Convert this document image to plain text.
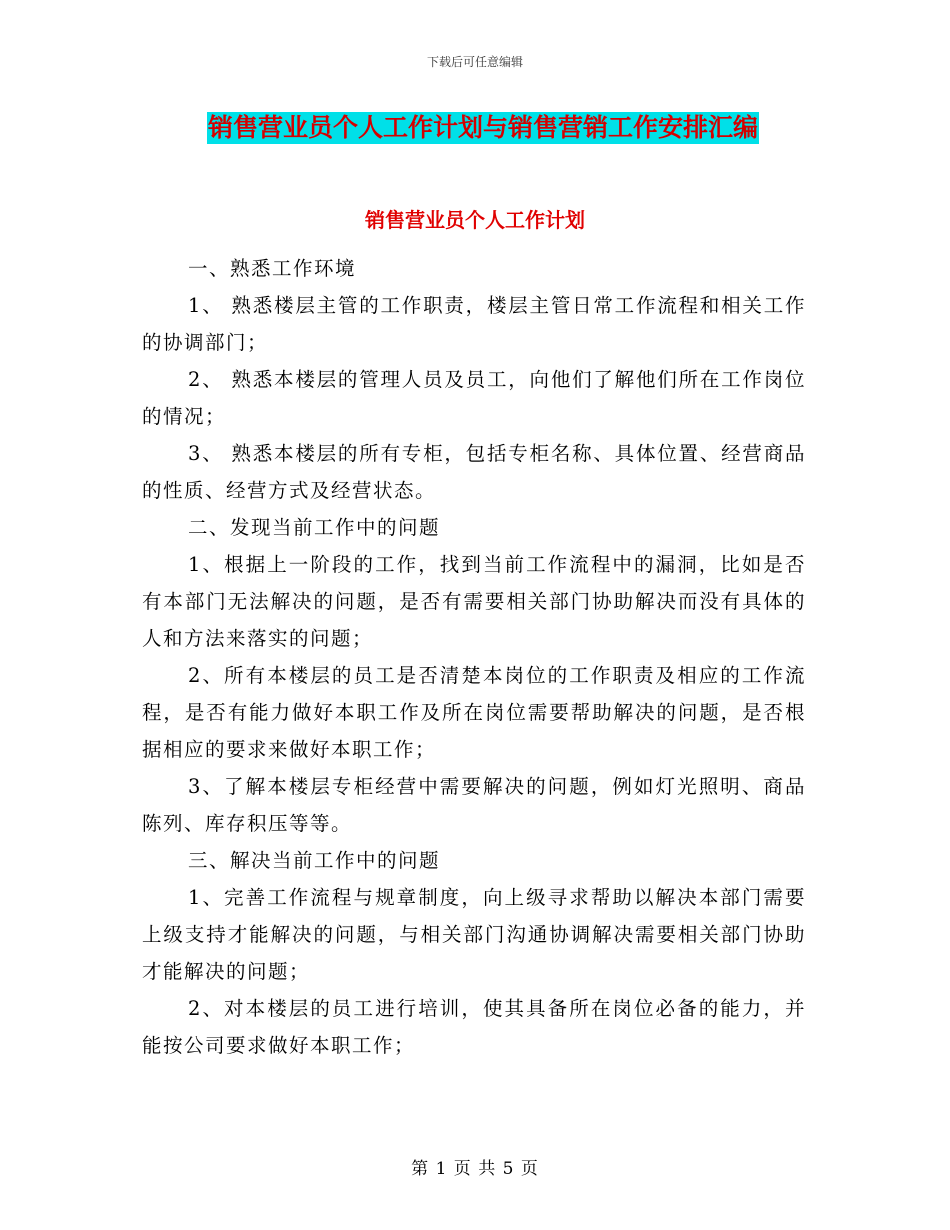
下载后可任意编辑
销售营业员个人工作计划与销售营销工作安排汇编
销售营业员个人工作计划

一、熟悉工作环境

1、 熟悉楼层主管的工作职责，楼层主管日常工作流程和相关工作的协调部门；

2、 熟悉本楼层的管理人员及员工，向他们了解他们所在工作岗位的情况；

3、 熟悉本楼层的所有专柜，包括专柜名称、具体位置、经营商品的性质、经营方式及经营状态。

二、发现当前工作中的问题

1、根据上一阶段的工作，找到当前工作流程中的漏洞，比如是否有本部门无法解决的问题，是否有需要相关部门协助解决而没有具体的人和方法来落实的问题；

2、所有本楼层的员工是否清楚本岗位的工作职责及相应的工作流程，是否有能力做好本职工作及所在岗位需要帮助解决的问题，是否根据相应的要求来做好本职工作；

3、了解本楼层专柜经营中需要解决的问题，例如灯光照明、商品陈列、库存积压等等。

三、解决当前工作中的问题

1、完善工作流程与规章制度，向上级寻求帮助以解决本部门需要上级支持才能解决的问题，与相关部门沟通协调解决需要相关部门协助才能解决的问题；

2、对本楼层的员工进行培训，使其具备所在岗位必备的能力，并能按公司要求做好本职工作；

第 1 页 共 5 页
